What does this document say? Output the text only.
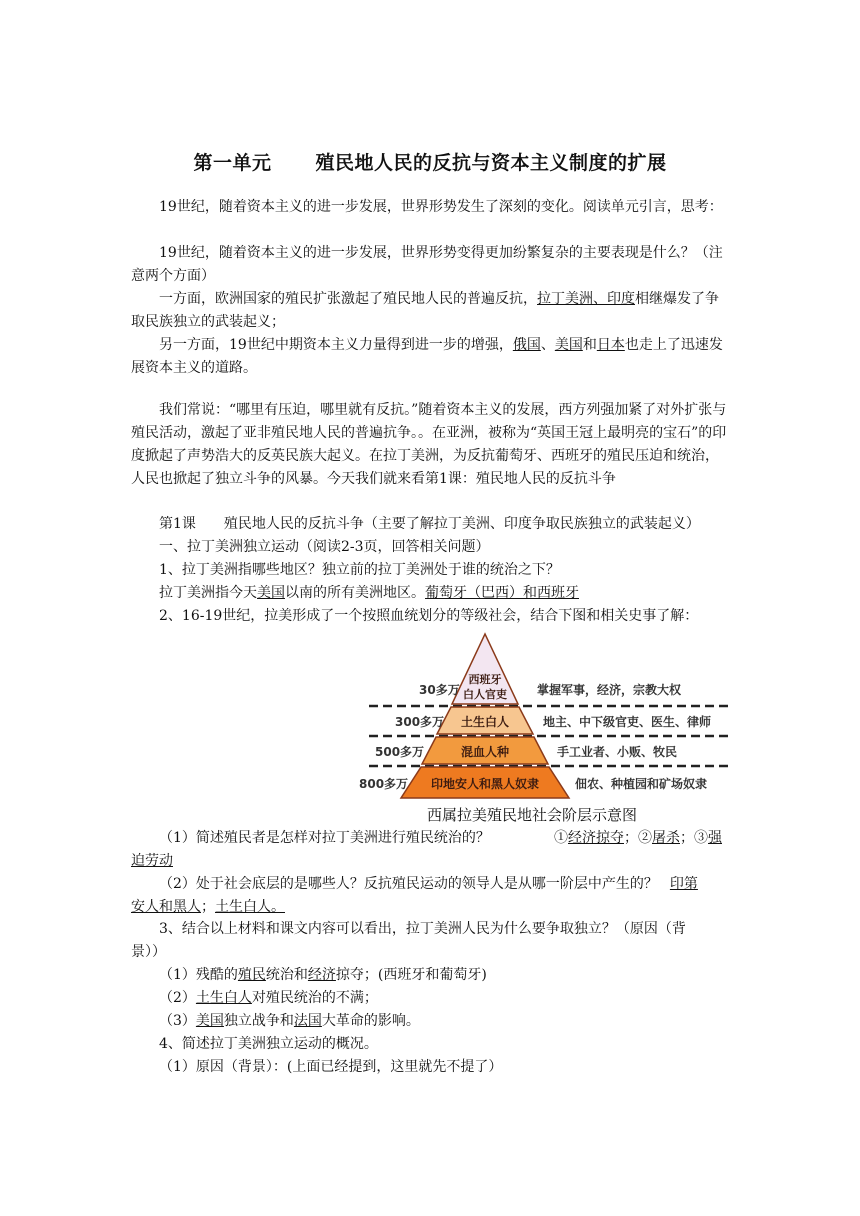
第一单元 殖民地人民的反抗与资本主义制度的扩展
19世纪，随着资本主义的进一步发展，世界形势发生了深刻的变化。阅读单元引言，思考：
19世纪，随着资本主义的进一步发展，世界形势变得更加纷繁复杂的主要表现是什么？（注意两个方面）
一方面，欧洲国家的殖民扩张激起了殖民地人民的普遍反抗，拉丁美洲、印度相继爆发了争取民族独立的武装起义；
另一方面，19世纪中期资本主义力量得到进一步的增强，俄国、美国和日本也走上了迅速发展资本主义的道路。
我们常说：“哪里有压迫，哪里就有反抗。”随着资本主义的发展，西方列强加紧了对外扩张与殖民活动，激起了亚非殖民地人民的普遍抗争。。在亚洲，被称为“英国王冠上最明亮的宝石”的印度掀起了声势浩大的反英民族大起义。在拉丁美洲，为反抗葡萄牙、西班牙的殖民压迫和统治，人民也掀起了独立斗争的风暴。今天我们就来看第1课：殖民地人民的反抗斗争
第1课　　殖民地人民的反抗斗争（主要了解拉丁美洲、印度争取民族独立的武装起义）
一、拉丁美洲独立运动（阅读2-3页，回答相关问题）
1、拉丁美洲指哪些地区？独立前的拉丁美洲处于谁的统治之下？
拉丁美洲指今天美国以南的所有美洲地区。葡萄牙（巴西）和西班牙
2、16-19世纪，拉美形成了一个按照血统划分的等级社会，结合下图和相关史事了解：
西班牙
白人官吏
土生白人
混血人种
印地安人和黑人奴隶
30多万
300多万
500多万
800多万
掌握军事，经济，宗教大权
地主、中下级官吏、医生、律师
手工业者、小贩、牧民
佃农、种植园和矿场奴隶
西属拉美殖民地社会阶层示意图
（1）简述殖民者是怎样对拉丁美洲进行殖民统治的？	①经济掠夺；②屠杀；③强
迫劳动
（2）处于社会底层的是哪些人？反抗殖民运动的领导人是从哪一阶层中产生的？ 印第
安人和黑人；土生白人。
3、结合以上材料和课文内容可以看出，拉丁美洲人民为什么要争取独立？（原因（背
景））
（1）残酷的殖民统治和经济掠夺；(西班牙和葡萄牙)
（2）土生白人对殖民统治的不满；
（3）美国独立战争和法国大革命的影响。
4、简述拉丁美洲独立运动的概况。
（1）原因（背景）：(上面已经提到，这里就先不提了）
